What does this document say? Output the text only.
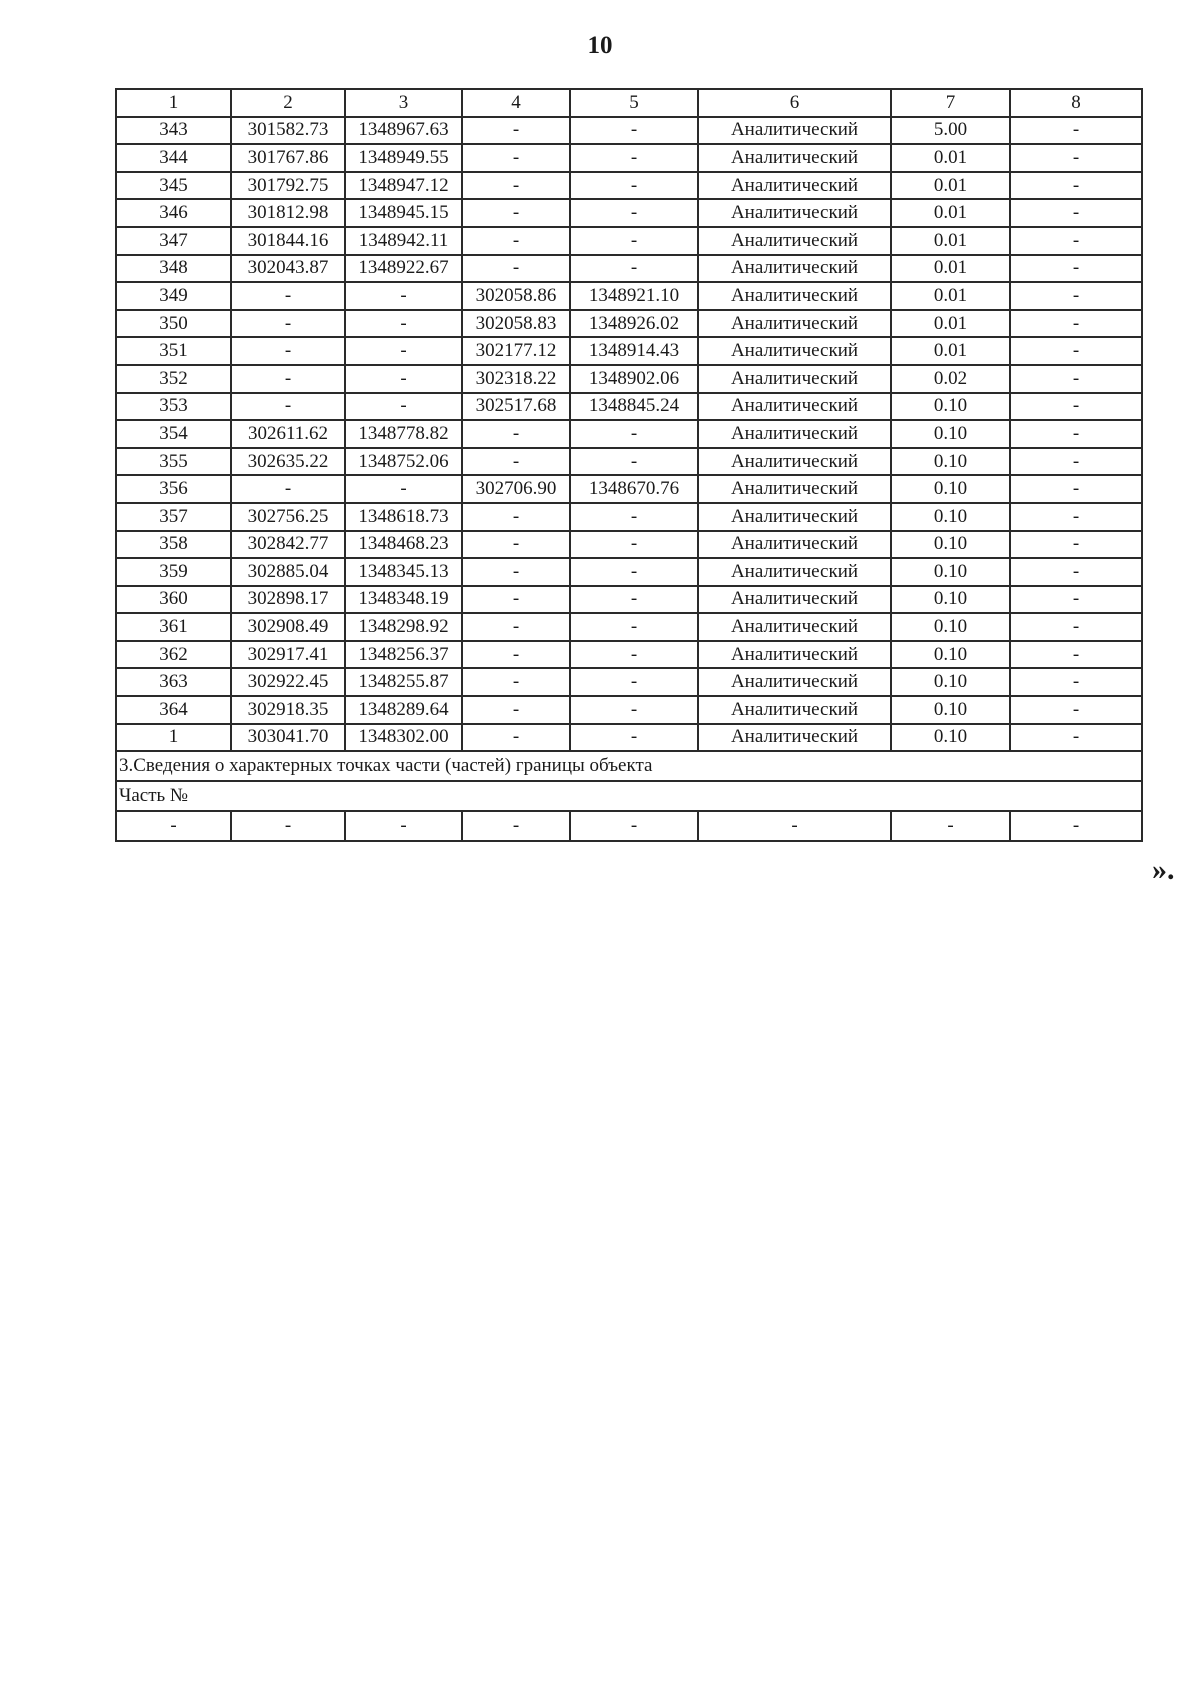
10
1	2	3	4	5	6	7	8
343	301582.73	1348967.63	-	-	Аналитический	5.00	-
344	301767.86	1348949.55	-	-	Аналитический	0.01	-
345	301792.75	1348947.12	-	-	Аналитический	0.01	-
346	301812.98	1348945.15	-	-	Аналитический	0.01	-
347	301844.16	1348942.11	-	-	Аналитический	0.01	-
348	302043.87	1348922.67	-	-	Аналитический	0.01	-
349	-	-	302058.86	1348921.10	Аналитический	0.01	-
350	-	-	302058.83	1348926.02	Аналитический	0.01	-
351	-	-	302177.12	1348914.43	Аналитический	0.01	-
352	-	-	302318.22	1348902.06	Аналитический	0.02	-
353	-	-	302517.68	1348845.24	Аналитический	0.10	-
354	302611.62	1348778.82	-	-	Аналитический	0.10	-
355	302635.22	1348752.06	-	-	Аналитический	0.10	-
356	-	-	302706.90	1348670.76	Аналитический	0.10	-
357	302756.25	1348618.73	-	-	Аналитический	0.10	-
358	302842.77	1348468.23	-	-	Аналитический	0.10	-
359	302885.04	1348345.13	-	-	Аналитический	0.10	-
360	302898.17	1348348.19	-	-	Аналитический	0.10	-
361	302908.49	1348298.92	-	-	Аналитический	0.10	-
362	302917.41	1348256.37	-	-	Аналитический	0.10	-
363	302922.45	1348255.87	-	-	Аналитический	0.10	-
364	302918.35	1348289.64	-	-	Аналитический	0.10	-
1	303041.70	1348302.00	-	-	Аналитический	0.10	-
3.Сведения о характерных точках части (частей) границы объекта							
Часть №							
-	-	-	-	-	-	-	-
».
